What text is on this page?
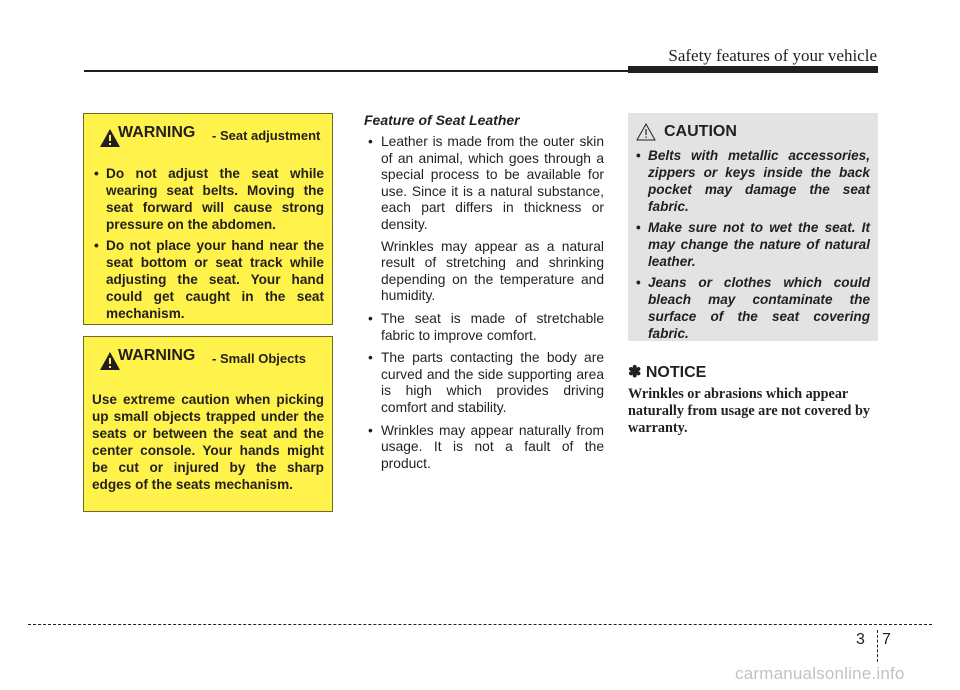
Safety features of your vehicle
WARNING - Seat adjustment
• Do not adjust the seat while wearing seat belts. Moving the seat forward will cause strong pressure on the abdomen.
• Do not place your hand near the seat bottom or seat track while adjusting the seat. Your hand could get caught in the seat mechanism.
WARNING - Small Objects

Use extreme caution when picking up small objects trapped under the seats or between the seat and the center console. Your hands might be cut or injured by the sharp edges of the seats mechanism.

Feature of Seat Leather

• Leather is made from the outer skin of an animal, which goes through a special process to be available for use. Since it is a natural substance, each part differs in thickness or density.

Wrinkles may appear as a natural result of stretching and shrinking depending on the temperature and humidity.

• The seat is made of stretchable fabric to improve comfort.
• The parts contacting the body are curved and the side supporting area is high which provides driving comfort and stability.
• Wrinkles may appear naturally from usage. It is not a fault of the product.
CAUTION
• Belts with metallic accessories, zippers or keys inside the back pocket may damage the seat fabric.
• Make sure not to wet the seat. It may change the nature of natural leather.
• Jeans or clothes which could bleach may contaminate the surface of the seat covering fabric.
✽ NOTICE

Wrinkles or abrasions which appear naturally from usage are not covered by warranty.

3 7
carmanualsonline.info
